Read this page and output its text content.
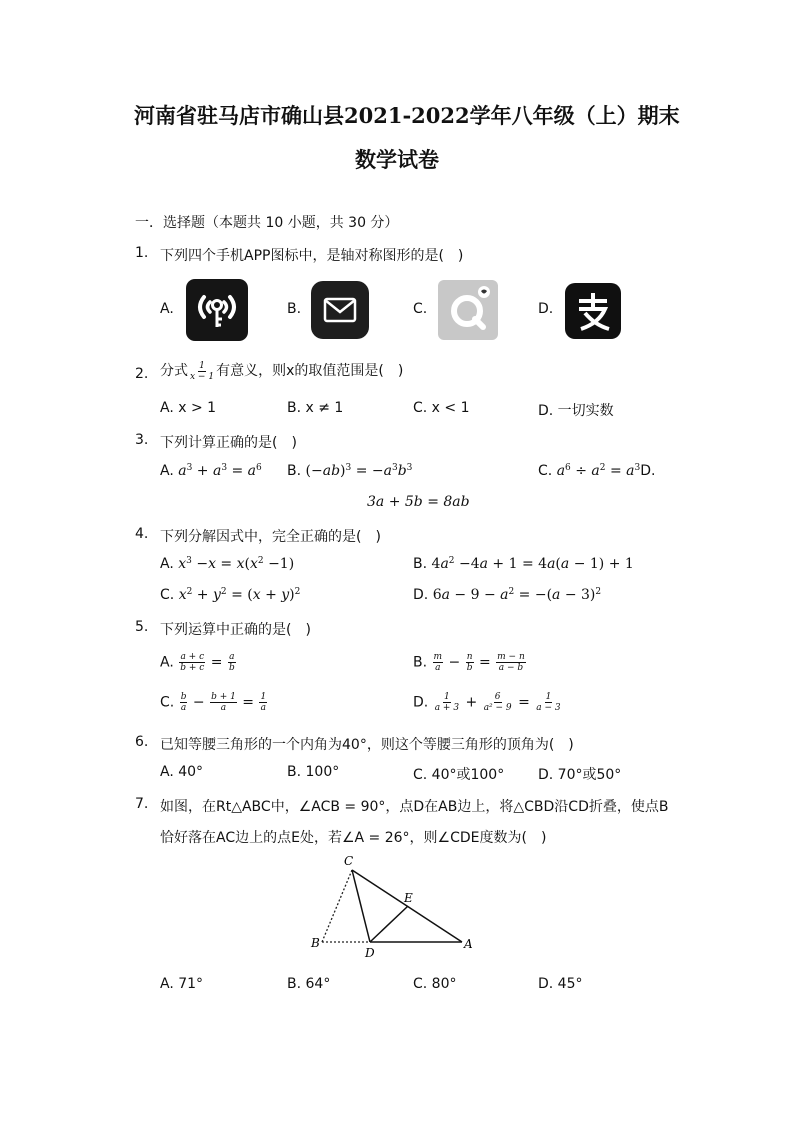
河南省驻马店市确山县2021-2022学年八年级（上）期末
数学试卷
一．选择题（本题共 10 小题，共 30 分）
1. 下列四个手机APP图标中，是轴对称图形的是(　)
A.	B.	C.	D.
2. 分式 $\frac{1}{x - 1}$ 有意义，则x的取值范围是(　)
A. x > 1	B. x ≠ 1	C. x < 1	D. 一切实数
3. 下列计算正确的是(　)
A. $a^3 + a^3 = a^6$ B. $(-ab)^3 = -a^3b^3$	C. $a^6 \div a^2 = a^3D$.
3a + 5b = 8ab
4. 下列分解因式中，完全正确的是(　)
A. $x^3 -x = x(x^2 -1)$	B. $4a^2 -4a + 1 = 4a(a - 1) + 1$
C. $x^2 + y^2 = (x + y)^2$	D. $6a - 9 - a^2 = -(a - 3)^2$
5. 下列运算中正确的是(　)
A. $\frac{a + c}{b + c} = \frac{a}{b}$	B. $\frac{m}{a} - \frac{n}{b} = \frac{m - n}{a - b}$
C. $\frac{b}{a} - \frac{b + 1}{a} = \frac{1}{a}$	D. $\frac{1}{a + 3} + \frac{6}{\text{a² − 9}} = \frac{1}{a - 3}$
6. 已知等腰三角形的一个内角为40°，则这个等腰三角形的顶角为(　)
A. 40°	B. 100°	C. 40°或100° D. 70°或50°
7. 如图，在Rt△ABC中，∠ACB = 90°，点D在AB边上，将△CBD沿CD折叠，使点B
恰好落在AC边上的点E处，若∠A = 26°，则∠CDE度数为(　)
C
E
B
D
A
A. 71°	B. 64°	C. 80°	D. 45°
